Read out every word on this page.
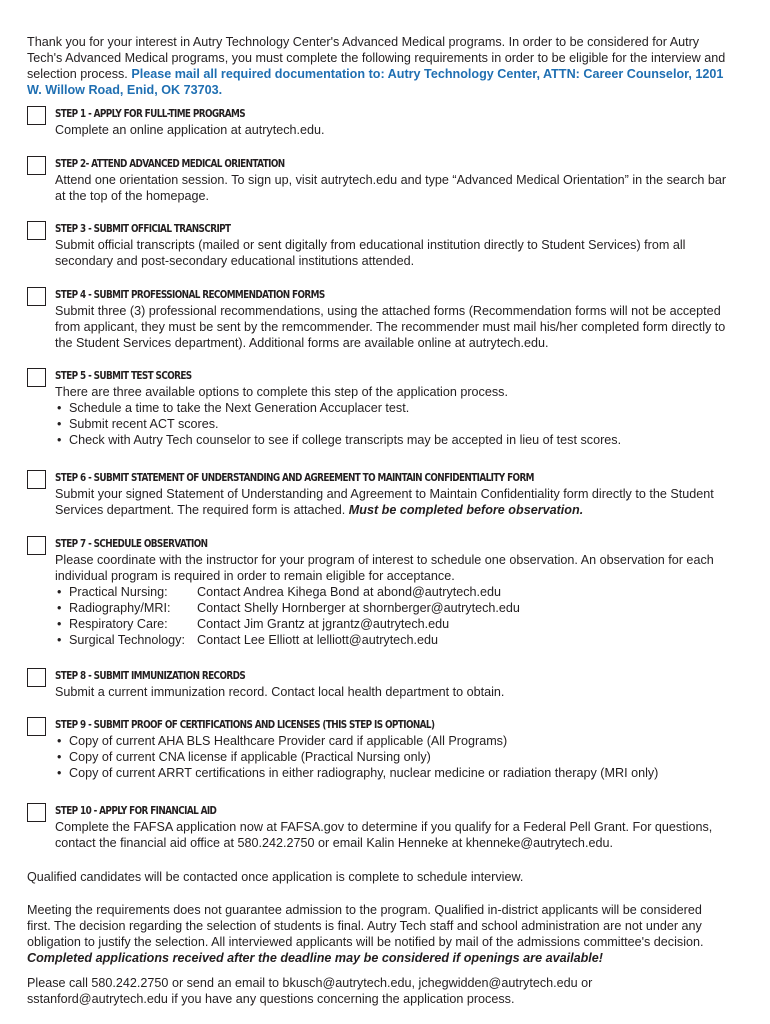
Thank you for your interest in Autry Technology Center's Advanced Medical programs. In order to be considered for Autry Tech's Advanced Medical programs, you must complete the following requirements in order to be eligible for the interview and selection process. Please mail all required documentation to: Autry Technology Center, ATTN: Career Counselor, 1201 W. Willow Road, Enid, OK 73703.
STEP 1 - APPLY FOR FULL-TIME PROGRAMS
Complete an online application at autrytech.edu.
STEP 2- ATTEND ADVANCED MEDICAL ORIENTATION
Attend one orientation session. To sign up, visit autrytech.edu and type “Advanced Medical Orientation” in the search bar at the top of the homepage.
STEP 3 - SUBMIT OFFICIAL TRANSCRIPT
Submit official transcripts (mailed or sent digitally from educational institution directly to Student Services) from all secondary and post-secondary educational institutions attended.
STEP 4 - SUBMIT PROFESSIONAL RECOMMENDATION FORMS
Submit three (3) professional recommendations, using the attached forms (Recommendation forms will not be accepted from applicant, they must be sent by the remcommender. The recommender must mail his/her completed form directly to the Student Services department). Additional forms are available online at autrytech.edu.
STEP 5 - SUBMIT TEST SCORES
There are three available options to complete this step of the application process.
• Schedule a time to take the Next Generation Accuplacer test.
• Submit recent ACT scores.
• Check with Autry Tech counselor to see if college transcripts may be accepted in lieu of test scores.
STEP 6 - SUBMIT STATEMENT OF UNDERSTANDING AND AGREEMENT TO MAINTAIN CONFIDENTIALITY FORM
Submit your signed Statement of Understanding and Agreement to Maintain Confidentiality form directly to the Student Services department. The required form is attached. Must be completed before observation.
STEP 7 - SCHEDULE OBSERVATION
Please coordinate with the instructor for your program of interest to schedule one observation. An observation for each individual program is required in order to remain eligible for acceptance.
• Practical Nursing:	Contact Andrea Kihega Bond at abond@autrytech.edu
• Radiography/MRI:	Contact Shelly Hornberger at shornberger@autrytech.edu
• Respiratory Care:	Contact Jim Grantz at jgrantz@autrytech.edu
• Surgical Technology: Contact Lee Elliott at lelliott@autrytech.edu
STEP 8 - SUBMIT IMMUNIZATION RECORDS
Submit a current immunization record. Contact local health department to obtain.
STEP 9 - SUBMIT PROOF OF CERTIFICATIONS AND LICENSES (THIS STEP IS OPTIONAL)
• Copy of current AHA BLS Healthcare Provider card if applicable (All Programs)
• Copy of current CNA license if applicable (Practical Nursing only)
• Copy of current ARRT certifications in either radiography, nuclear medicine or radiation therapy (MRI only)
STEP 10 - APPLY FOR FINANCIAL AID
Complete the FAFSA application now at FAFSA.gov to determine if you qualify for a Federal Pell Grant. For questions, contact the financial aid office at 580.242.2750 or email Kalin Henneke at khenneke@autrytech.edu.
Qualified candidates will be contacted once application is complete to schedule interview.
Meeting the requirements does not guarantee admission to the program. Qualified in-district applicants will be considered first. The decision regarding the selection of students is final. Autry Tech staff and school administration are not under any obligation to justify the selection. All interviewed applicants will be notified by mail of the admissions committee's decision.
Completed applications received after the deadline may be considered if openings are available!
Please call 580.242.2750 or send an email to bkusch@autrytech.edu, jchegwidden@autrytech.edu or sstanford@autrytech.edu if you have any questions concerning the application process.
